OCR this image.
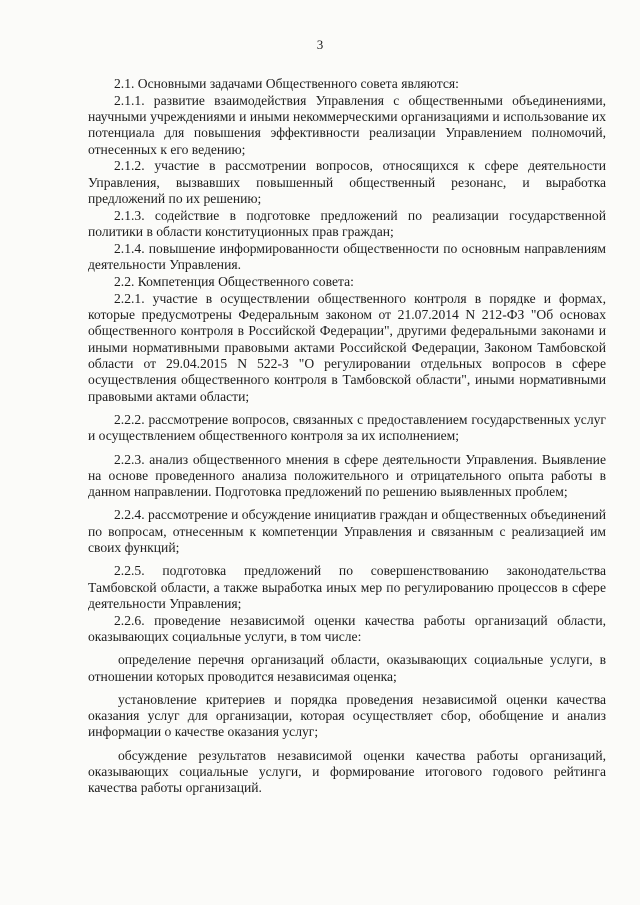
3

2.1. Основными задачами Общественного совета являются:

2.1.1. развитие взаимодействия Управления с общественными объединениями, научными учреждениями и иными некоммерческими организациями и использование их потенциала для повышения эффективности реализации Управлением полномочий, отнесенных к его ведению;

2.1.2. участие в рассмотрении вопросов, относящихся к сфере деятельности Управления, вызвавших повышенный общественный резонанс, и выработка предложений по их решению;

2.1.3. содействие в подготовке предложений по реализации государственной политики в области конституционных прав граждан;

2.1.4. повышение информированности общественности по основным направлениям деятельности Управления.

2.2. Компетенция Общественного совета:

2.2.1. участие в осуществлении общественного контроля в порядке и формах, которые предусмотрены Федеральным законом от 21.07.2014 N 212-ФЗ "Об основах общественного контроля в Российской Федерации", другими федеральными законами и иными нормативными правовыми актами Российской Федерации, Законом Тамбовской области от 29.04.2015 N 522-З "О регулировании отдельных вопросов в сфере осуществления общественного контроля в Тамбовской области", иными нормативными правовыми актами области;

2.2.2. рассмотрение вопросов, связанных с предоставлением государственных услуг и осуществлением общественного контроля за их исполнением;

2.2.3. анализ общественного мнения в сфере деятельности Управления. Выявление на основе проведенного анализа положительного и отрицательного опыта работы в данном направлении. Подготовка предложений по решению выявленных проблем;

2.2.4. рассмотрение и обсуждение инициатив граждан и общественных объединений по вопросам, отнесенным к компетенции Управления и связанным с реализацией им своих функций;

2.2.5. подготовка предложений по совершенствованию законодательства Тамбовской области, а также выработка иных мер по регулированию процессов в сфере деятельности Управления;

2.2.6. проведение независимой оценки качества работы организаций области, оказывающих социальные услуги, в том числе:

определение перечня организаций области, оказывающих социальные услуги, в отношении которых проводится независимая оценка;

установление критериев и порядка проведения независимой оценки качества оказания услуг для организации, которая осуществляет сбор, обобщение и анализ информации о качестве оказания услуг;

обсуждение результатов независимой оценки качества работы организаций, оказывающих социальные услуги, и формирование итогового годового рейтинга качества работы организаций.
